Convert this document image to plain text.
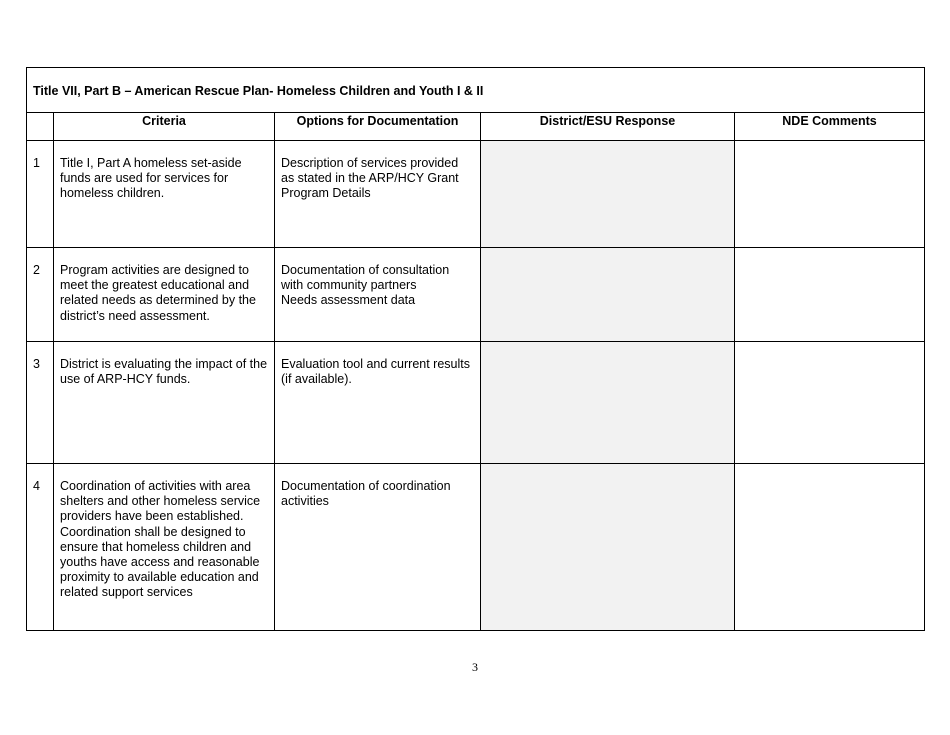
Title VII, Part B – American Rescue Plan- Homeless Children and Youth I & II				

	Criteria	Options for Documentation	District/ESU Response	NDE Comments

1	Title I, Part A homeless set-aside funds are used for services for homeless children.	Description of services provided as stated in the ARP/HCY Grant Program Details		

2	Program activities are designed to meet the greatest educational and related needs as determined by the district’s need assessment.	Documentation of consultation with community partners
Needs assessment data		

3	District is evaluating the impact of the use of ARP-HCY funds.	Evaluation tool and current results (if available).		

4	Coordination of activities with area shelters and other homeless service providers have been established. Coordination shall be designed to ensure that homeless children and youths have access and reasonable proximity to available education and related support services	Documentation of coordination activities		

3
